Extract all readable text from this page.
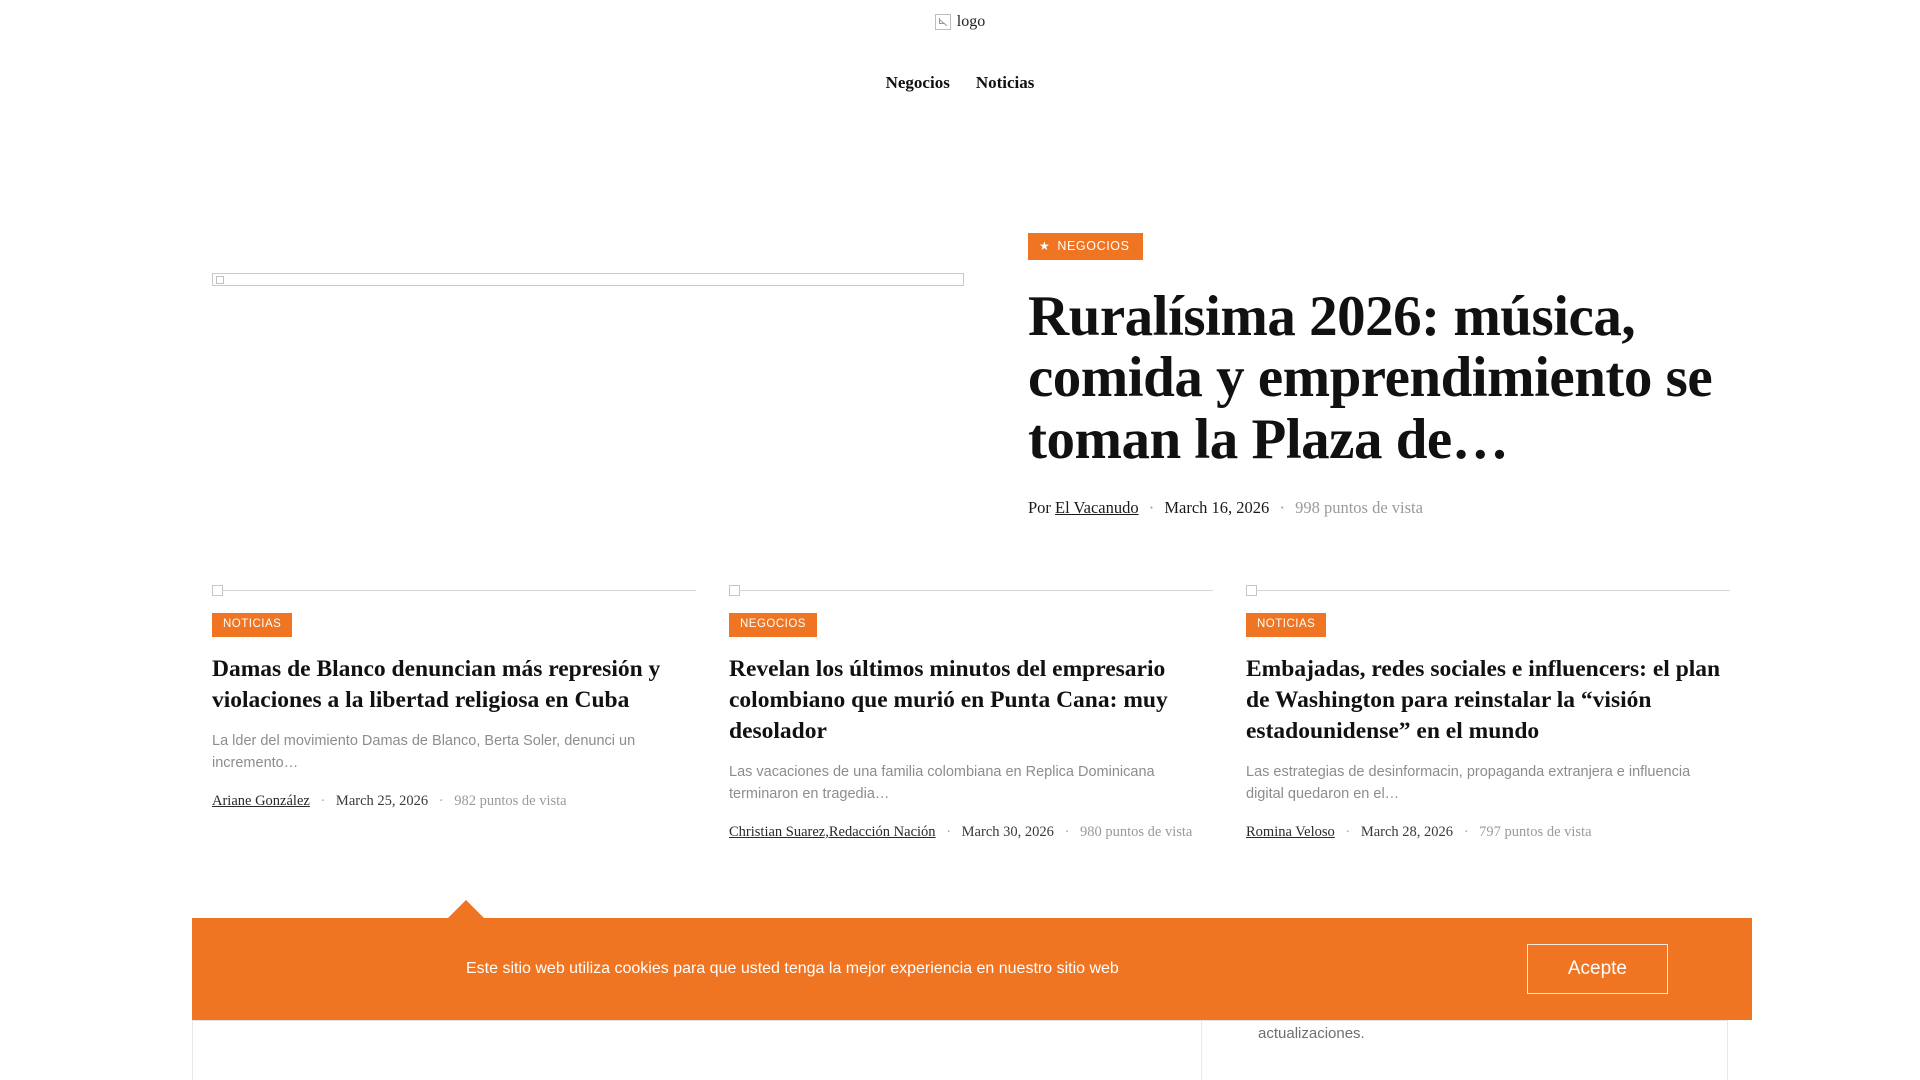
logo
Negocios Noticias
★ NEGOCIOS
Ruralísima 2026: música, comida y emprendimiento se toman la Plaza de…
Por El Vacanudo · March 16, 2026 · 998 puntos de vista
NOTICIAS
Damas de Blanco denuncian más represión y violaciones a la libertad religiosa en Cuba

La lder del movimiento Damas de Blanco, Berta Soler, denunci un incremento…

Ariane González · March 25, 2026 · 982 puntos de vista
NEGOCIOS
Revelan los últimos minutos del empresario colombiano que murió en Punta Cana: muy desolador

Las vacaciones de una familia colombiana en Replica Dominicana terminaron en tragedia…

Christian Suarez,Redacción Nación · March 30, 2026 · 980 puntos de vista
NOTICIAS
Embajadas, redes sociales e influencers: el plan de Washington para reinstalar la “visión estadounidense” en el mundo

Las estrategias de desinformacin, propaganda extranjera e influencia digital quedaron en el…

Romina Veloso · March 28, 2026 · 797 puntos de vista
actualizaciones.
Este sitio web utiliza cookies para que usted tenga la mejor experiencia en nuestro sitio web	Acepte
